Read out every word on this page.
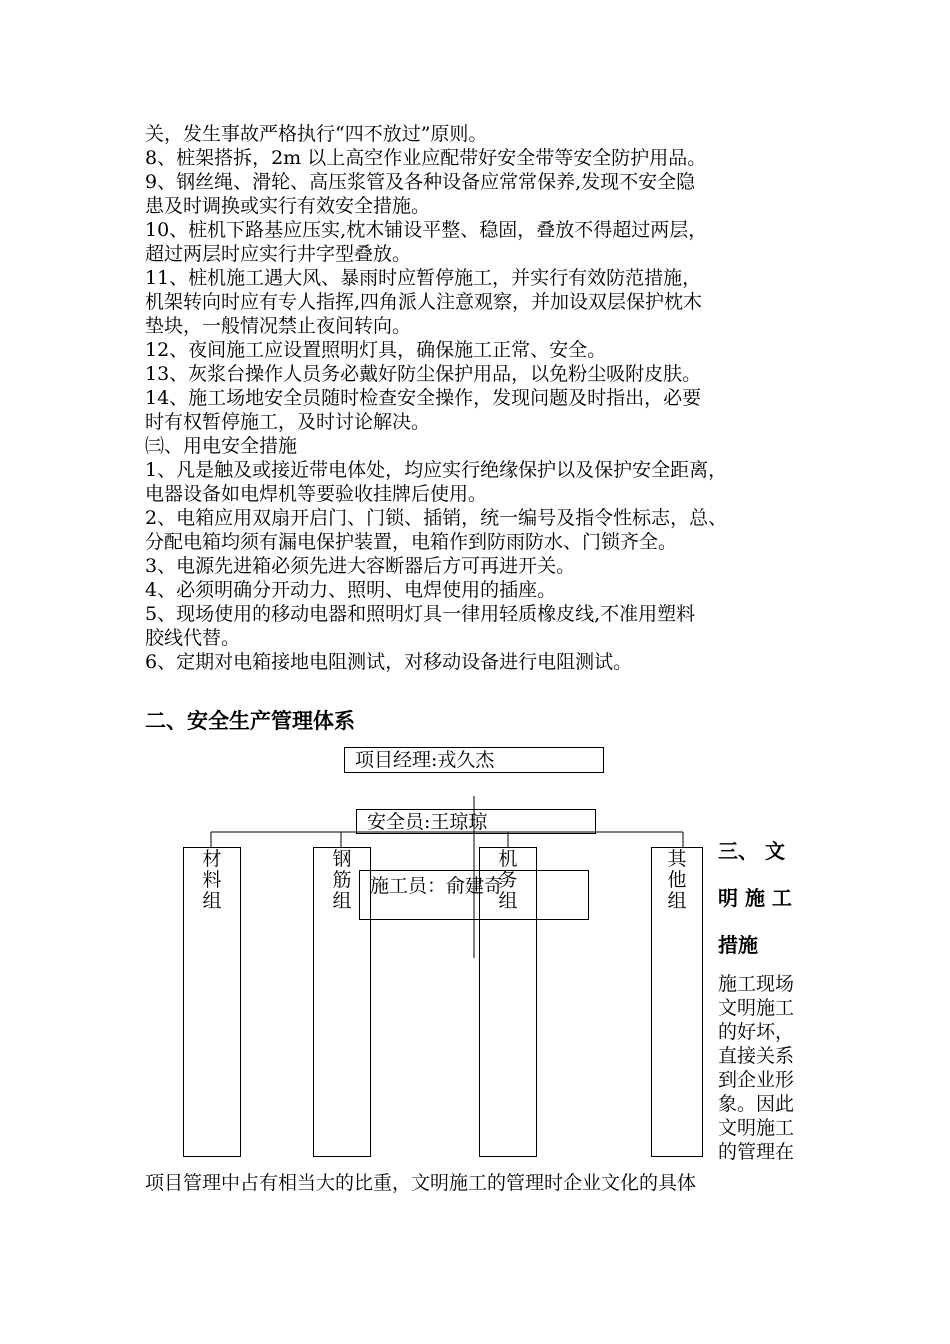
关，发生事故严格执行“四不放过”原则。
8、桩架搭拆，2m 以上高空作业应配带好安全带等安全防护用品。
9、钢丝绳、滑轮、高压浆管及各种设备应常常保养,发现不安全隐
患及时调换或实行有效安全措施。
10、桩机下路基应压实,枕木铺设平整、稳固，叠放不得超过两层，
超过两层时应实行井字型叠放。
11、桩机施工遇大风、暴雨时应暂停施工，并实行有效防范措施，
机架转向时应有专人指挥,四角派人注意观察，并加设双层保护枕木
垫块，一般情况禁止夜间转向。
12、夜间施工应设置照明灯具，确保施工正常、安全。
13、灰浆台操作人员务必戴好防尘保护用品，以免粉尘吸附皮肤。
14、施工场地安全员随时检查安全操作，发现问题及时指出，必要
时有权暂停施工，及时讨论解决。
㈢、用电安全措施
1、凡是触及或接近带电体处，均应实行绝缘保护以及保护安全距离，
电器设备如电焊机等要验收挂牌后使用。
2、电箱应用双扇开启门、门锁、插销，统一编号及指令性标志，总、
分配电箱均须有漏电保护装置，电箱作到防雨防水、门锁齐全。
3、电源先进箱必须先进大容断器后方可再进开关。
4、必须明确分开动力、照明、电焊使用的插座。
5、现场使用的移动电器和照明灯具一律用轻质橡皮线,不准用塑料
胶线代替。
6、定期对电箱接地电阻测试，对移动设备进行电阻测试。
二、安全生产管理体系
项目经理:戎久杰
安全员:王琼琼
材
料
组
钢
筋
组
机
务
组
其
他
组
施工员：俞建奇
三、 文
明 施 工
措施
施工现场
文明施工
的好坏，
直接关系
到企业形
象。因此
文明施工
的管理在
项目管理中占有相当大的比重，文明施工的管理时企业文化的具体
